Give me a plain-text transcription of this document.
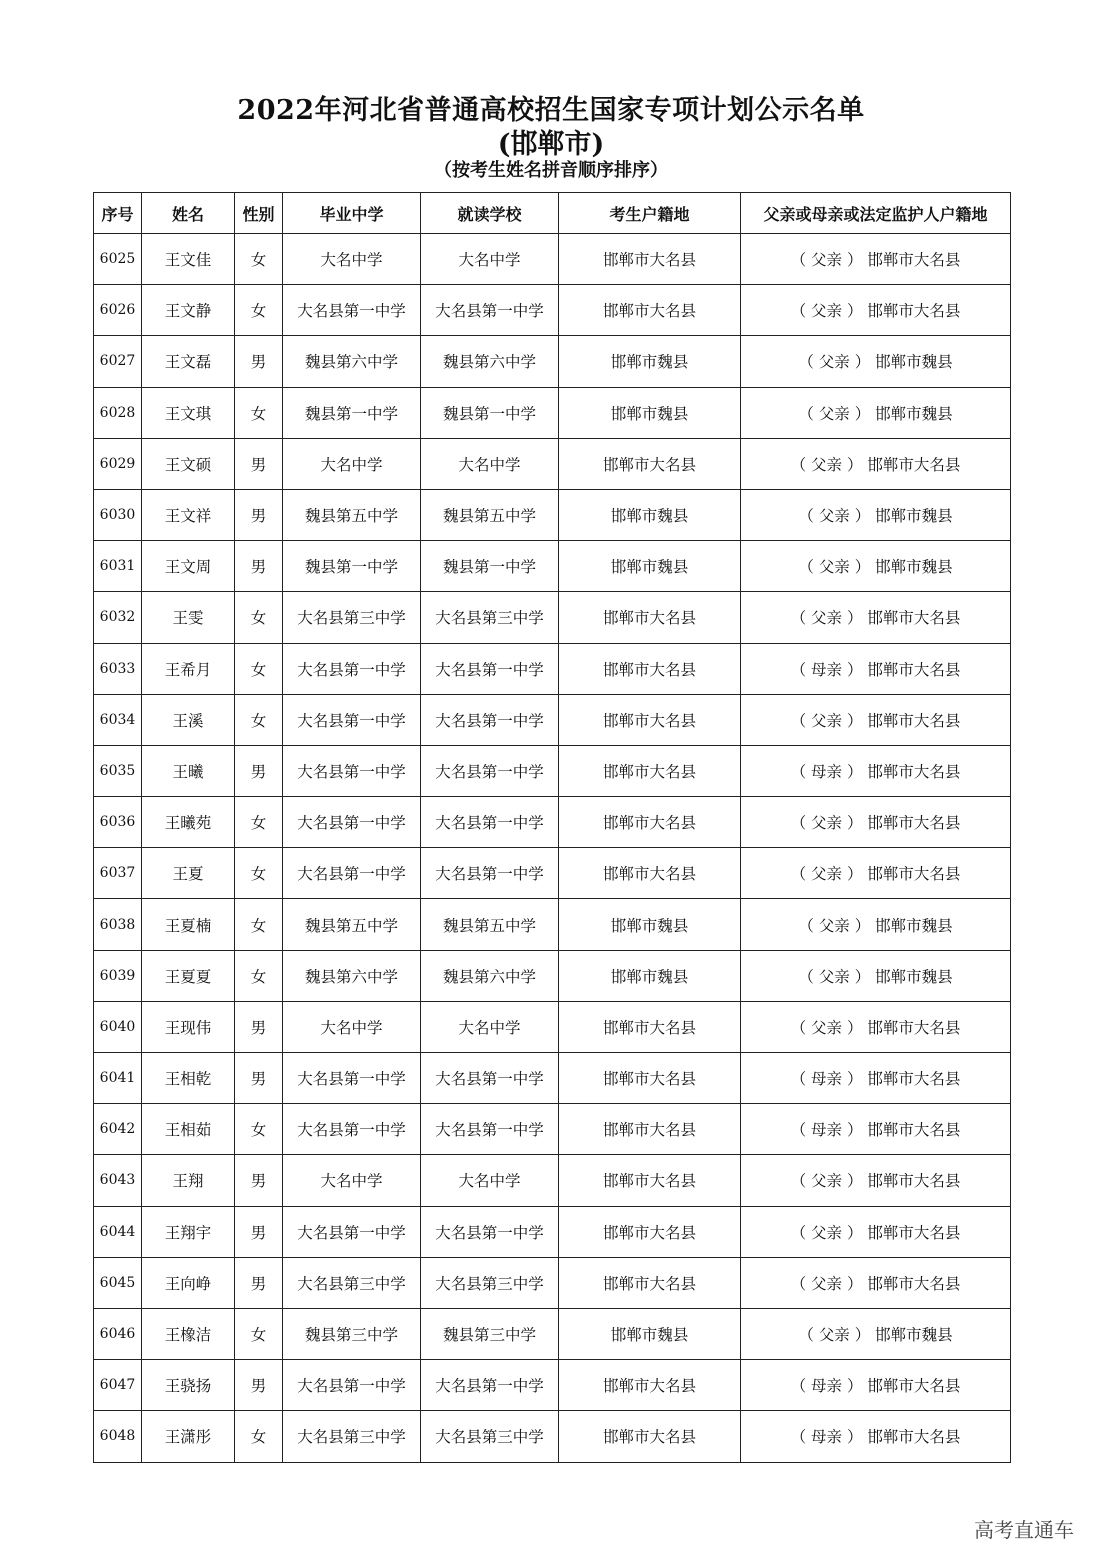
2022年河北省普通高校招生国家专项计划公示名单
(邯郸市)
（按考生姓名拼音顺序排序）
序号	姓名	性别	毕业中学	就读学校	考生户籍地	父亲或母亲或法定监护人户籍地
6025	王文佳	女	大名中学	大名中学	邯郸市大名县	（ 父亲 ） 邯郸市大名县
6026	王文静	女	大名县第一中学	大名县第一中学	邯郸市大名县	（ 父亲 ） 邯郸市大名县
6027	王文磊	男	魏县第六中学	魏县第六中学	邯郸市魏县	（ 父亲 ） 邯郸市魏县
6028	王文琪	女	魏县第一中学	魏县第一中学	邯郸市魏县	（ 父亲 ） 邯郸市魏县
6029	王文硕	男	大名中学	大名中学	邯郸市大名县	（ 父亲 ） 邯郸市大名县
6030	王文祥	男	魏县第五中学	魏县第五中学	邯郸市魏县	（ 父亲 ） 邯郸市魏县
6031	王文周	男	魏县第一中学	魏县第一中学	邯郸市魏县	（ 父亲 ） 邯郸市魏县
6032	王雯	女	大名县第三中学	大名县第三中学	邯郸市大名县	（ 父亲 ） 邯郸市大名县
6033	王希月	女	大名县第一中学	大名县第一中学	邯郸市大名县	（ 母亲 ） 邯郸市大名县
6034	王溪	女	大名县第一中学	大名县第一中学	邯郸市大名县	（ 父亲 ） 邯郸市大名县
6035	王曦	男	大名县第一中学	大名县第一中学	邯郸市大名县	（ 母亲 ） 邯郸市大名县
6036	王曦苑	女	大名县第一中学	大名县第一中学	邯郸市大名县	（ 父亲 ） 邯郸市大名县
6037	王夏	女	大名县第一中学	大名县第一中学	邯郸市大名县	（ 父亲 ） 邯郸市大名县
6038	王夏楠	女	魏县第五中学	魏县第五中学	邯郸市魏县	（ 父亲 ） 邯郸市魏县
6039	王夏夏	女	魏县第六中学	魏县第六中学	邯郸市魏县	（ 父亲 ） 邯郸市魏县
6040	王现伟	男	大名中学	大名中学	邯郸市大名县	（ 父亲 ） 邯郸市大名县
6041	王相乾	男	大名县第一中学	大名县第一中学	邯郸市大名县	（ 母亲 ） 邯郸市大名县
6042	王相茹	女	大名县第一中学	大名县第一中学	邯郸市大名县	（ 母亲 ） 邯郸市大名县
6043	王翔	男	大名中学	大名中学	邯郸市大名县	（ 父亲 ） 邯郸市大名县
6044	王翔宇	男	大名县第一中学	大名县第一中学	邯郸市大名县	（ 父亲 ） 邯郸市大名县
6045	王向峥	男	大名县第三中学	大名县第三中学	邯郸市大名县	（ 父亲 ） 邯郸市大名县
6046	王橡洁	女	魏县第三中学	魏县第三中学	邯郸市魏县	（ 父亲 ） 邯郸市魏县
6047	王骁扬	男	大名县第一中学	大名县第一中学	邯郸市大名县	（ 母亲 ） 邯郸市大名县
6048	王潇彤	女	大名县第三中学	大名县第三中学	邯郸市大名县	（ 母亲 ） 邯郸市大名县
高考直通车
